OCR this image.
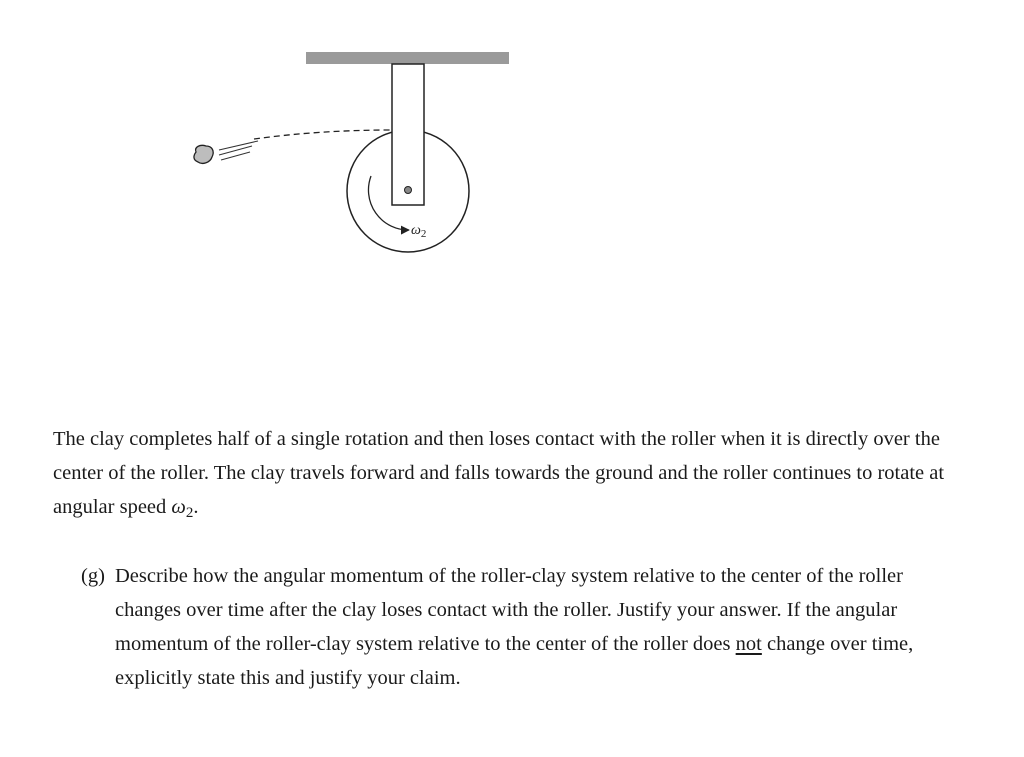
$\omega_2$

The clay completes half of a single rotation and then loses contact with the roller when it is directly over the center of the roller. The clay travels forward and falls towards the ground and the roller continues to rotate at angular speed $\omega_2$.

(g) Describe how the angular momentum of the roller-clay system relative to the center of the roller changes over time after the clay loses contact with the roller. Justify your answer. If the angular momentum of the roller-clay system relative to the center of the roller does not change over time, explicitly state this and justify your claim.
